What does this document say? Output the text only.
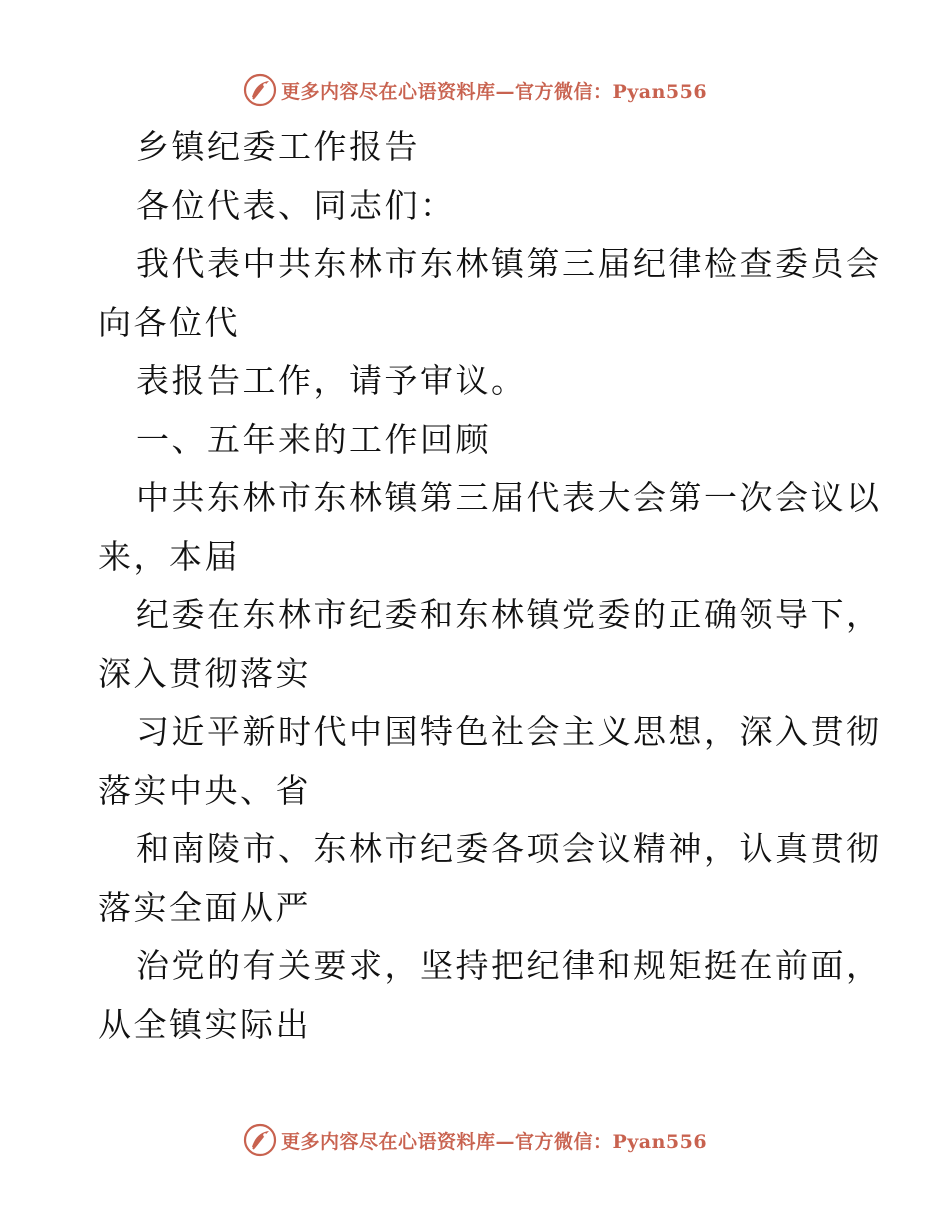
更多内容尽在心语资料库—官方微信：Pyan556
乡镇纪委工作报告
各位代表、同志们：
我代表中共东林市东林镇第三届纪律检查委员会
向各位代
表报告工作，请予审议。
一、五年来的工作回顾
中共东林市东林镇第三届代表大会第一次会议以
来，本届
纪委在东林市纪委和东林镇党委的正确领导下，
深入贯彻落实
习近平新时代中国特色社会主义思想，深入贯彻
落实中央、省
和南陵市、东林市纪委各项会议精神，认真贯彻
落实全面从严
治党的有关要求，坚持把纪律和规矩挺在前面，
从全镇实际出
更多内容尽在心语资料库—官方微信：Pyan556
